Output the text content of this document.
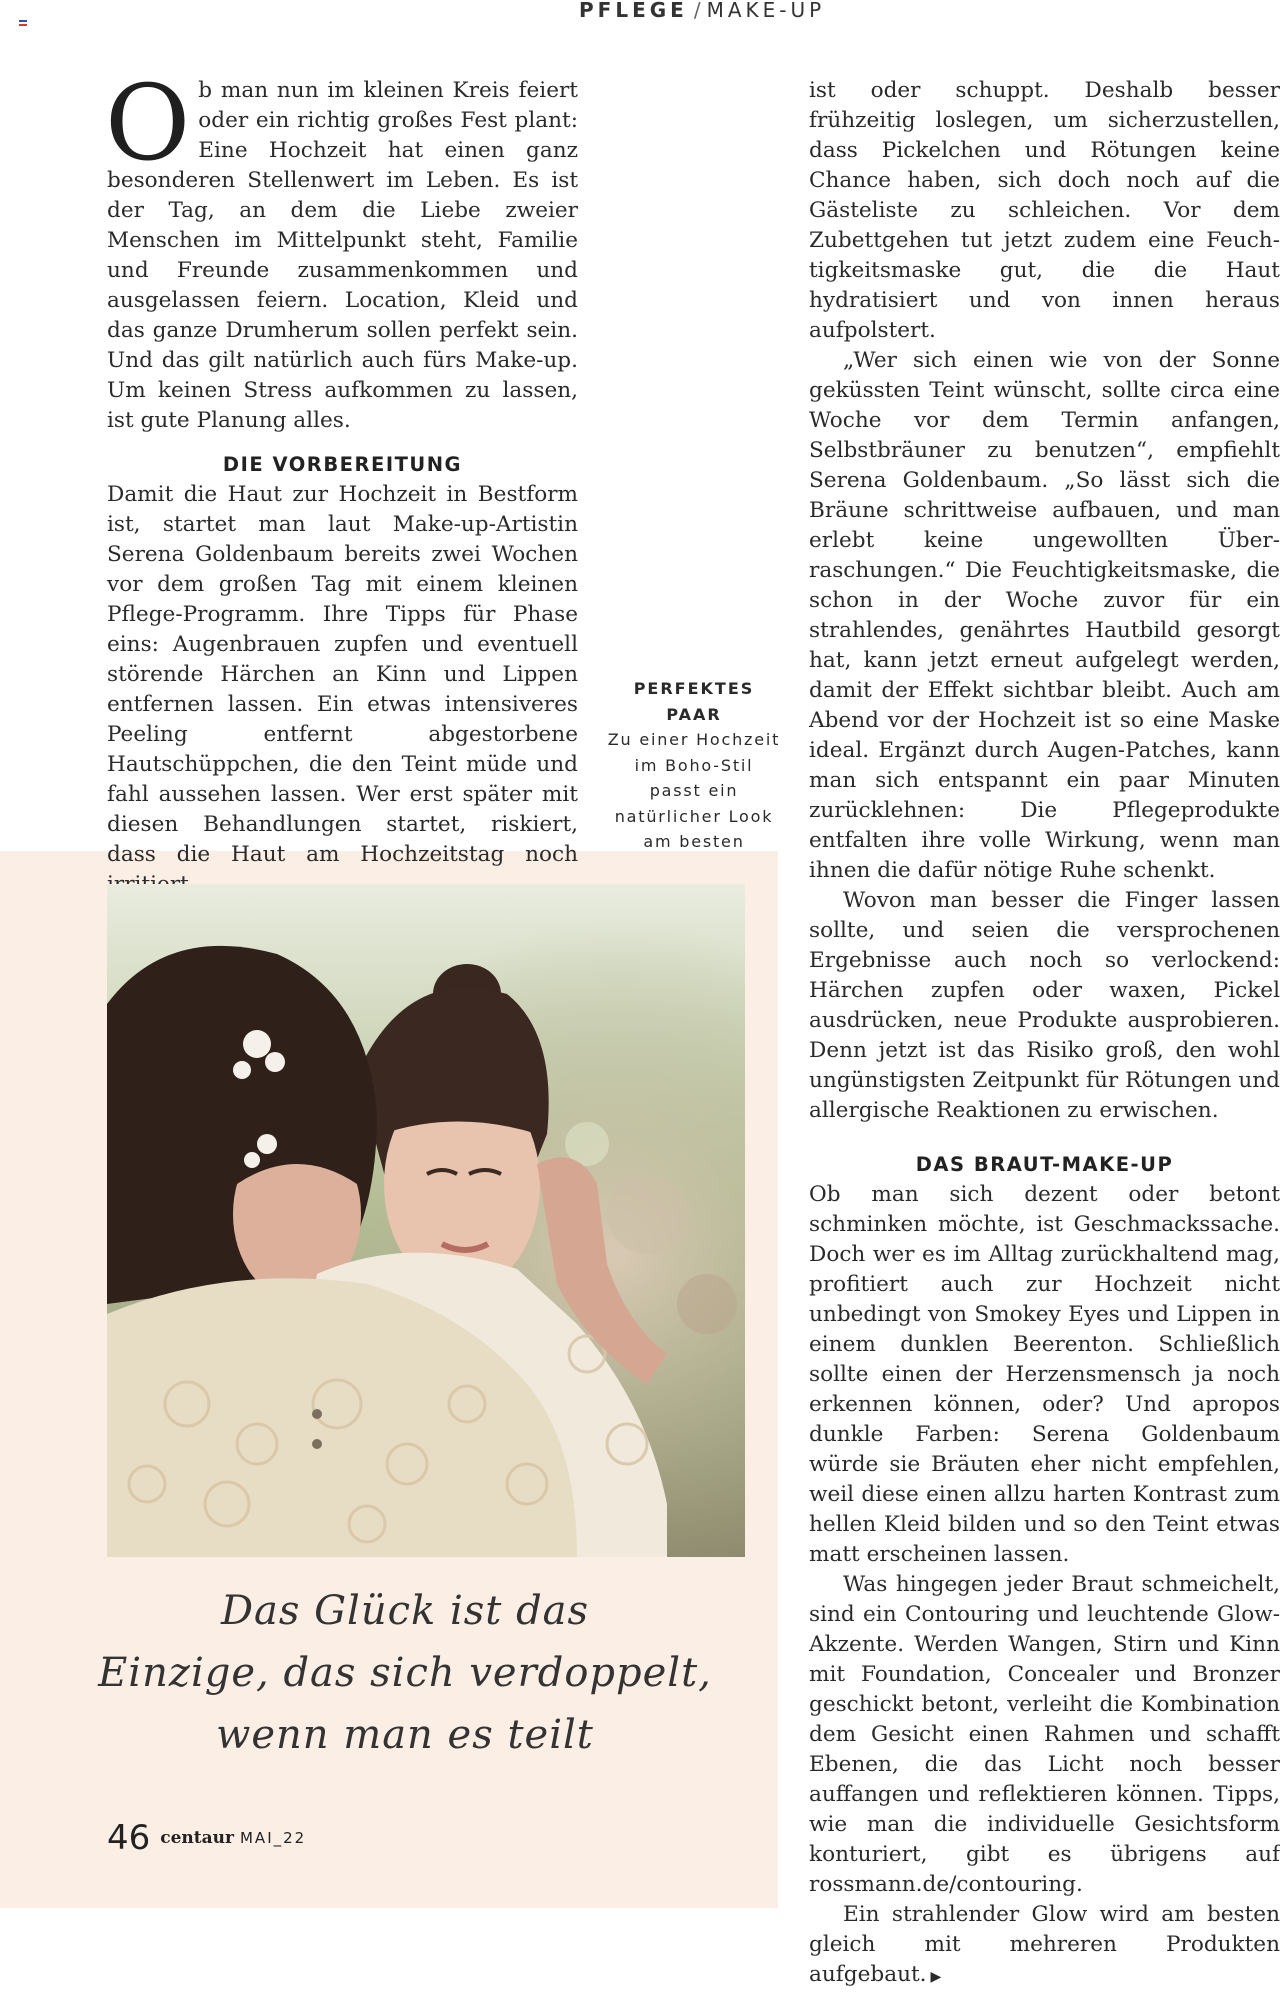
PFLEGE / MAKE-UP

Ob man nun im kleinen Kreis feiert oder ein richtig großes Fest plant: Eine Hochzeit hat einen ganz besonderen Stellenwert im Leben. Es ist der Tag, an dem die Liebe zweier Menschen im Mittelpunkt steht, Familie und Freunde zusammenkommen und ausgelassen feiern. Location, Kleid und das ganze Drumherum sollen perfekt sein. Und das gilt natürlich auch fürs Make-up. Um keinen Stress aufkommen zu lassen, ist gute Planung alles.

DIE VORBEREITUNG

Damit die Haut zur Hochzeit in Bestform ist, startet man laut Make-up-Artistin Serena Goldenbaum bereits zwei Wochen vor dem großen Tag mit einem kleinen Pflege-Programm. Ihre Tipps für Phase eins: Augenbrauen zupfen und eventuell störende Härchen an Kinn und Lippen entfernen lassen. Ein etwas intensiveres Peeling entfernt abgestorbene Hautschüppchen, die den Teint müde und fahl aussehen lassen. Wer erst später mit diesen Behandlungen startet, riskiert, dass die Haut am Hochzeitstag noch

PERFEKTES PAAR
Zu einer Hochzeit im Boho-Stil passt ein natürlicher Look am besten
Das Glück ist das
Einzige, das sich verdoppelt,
wenn man es teilt

ist oder schuppt. Deshalb besser frühzeitig loslegen, um sicherzustellen, dass Pickelchen und Rötungen keine Chance haben, sich doch noch auf die Gästeliste zu schleichen. Vor dem Zubettgehen tut jetzt zudem eine Feuchtigkeitsmaske gut, die die Haut hydratisiert und von innen heraus aufpolstert.

„Wer sich einen wie von der Sonne geküssten Teint wünscht, sollte circa eine Woche vor dem Termin anfangen, Selbstbräuner zu benutzen“, empfiehlt Serena Goldenbaum. „So lässt sich die Bräune schrittweise aufbauen, und man erlebt keine ungewollten Überraschungen.“ Die Feuchtigkeitsmaske, die schon in der Woche zuvor für ein strahlendes, genährtes Hautbild gesorgt hat, kann jetzt erneut aufgelegt werden, damit der Effekt sichtbar bleibt. Auch am Abend vor der Hochzeit ist so eine Maske ideal. Ergänzt durch Augen-Patches, kann man sich entspannt ein paar Minuten zurücklehnen: Die Pflegeprodukte entfalten ihre volle Wirkung, wenn man ihnen die dafür nötige Ruhe schenkt.

Wovon man besser die Finger lassen sollte, und seien die versprochenen Ergebnisse auch noch so verlockend: Härchen zupfen oder waxen, Pickel ausdrücken, neue Produkte ausprobieren. Denn jetzt ist das Risiko groß, den wohl ungünstigsten Zeitpunkt für Rötungen und allergische Reaktionen zu erwischen.

DAS BRAUT-MAKE-UP

Ob man sich dezent oder betont schminken möchte, ist Geschmackssache. Doch wer es im Alltag zurückhaltend mag, profitiert auch zur Hochzeit nicht unbedingt von Smokey Eyes und Lippen in einem dunklen Beerenton. Schließlich sollte einen der Herzensmensch ja noch erkennen können, oder? Und apropos dunkle Farben: Serena Goldenbaum würde sie Bräuten eher nicht empfehlen, weil diese einen allzu harten Kontrast zum hellen Kleid bilden und so den Teint etwas matt erscheinen lassen.

Was hingegen jeder Braut schmeichelt, sind ein Contouring und leuchtende Glow-Akzente. Werden Wangen, Stirn und Kinn mit Foundation, Concealer und Bronzer geschickt betont, verleiht die Kombination dem Gesicht einen Rahmen und schafft Ebenen, die das Licht noch besser auffangen und reflektieren können. Tipps, wie man die individuelle Gesichtsform konturiert, gibt es übrigens auf rossmann.de/contouring.

Ein strahlender Glow wird am besten gleich mit mehreren Produkten aufgebaut. ▶

46 centaur MAI_22
